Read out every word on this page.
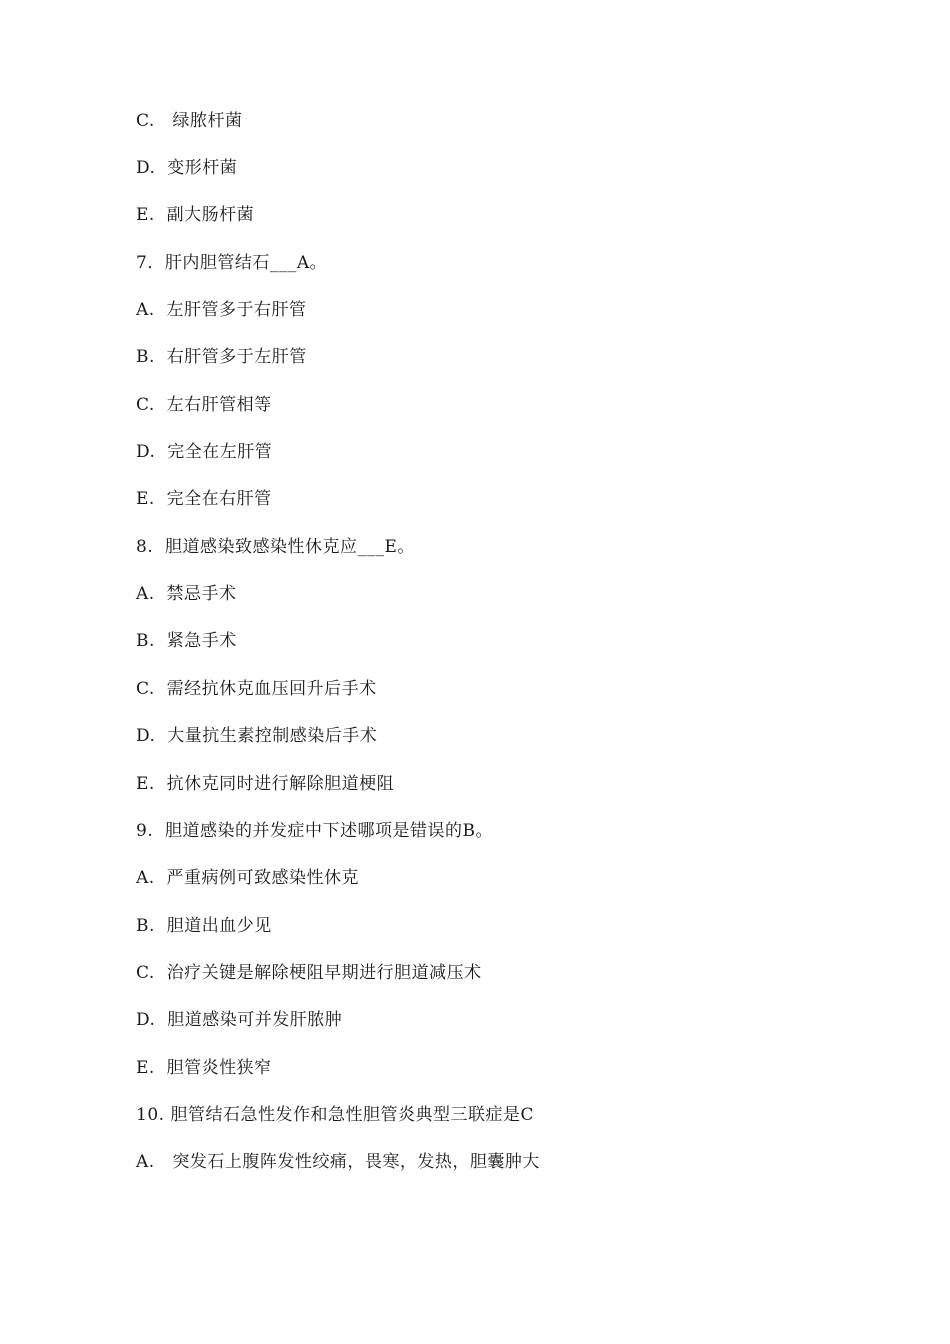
C.   绿脓杆菌
D.  变形杆菌
E.  副大肠杆菌
7．肝内胆管结石___A。
A.  左肝管多于右肝管
B.  右肝管多于左肝管
C.  左右肝管相等
D.  完全在左肝管
E.  完全在右肝管
8.  胆道感染致感染性休克应___E。
A.  禁忌手术
B.  紧急手术
C.  需经抗休克血压回升后手术
D.  大量抗生素控制感染后手术
E.  抗休克同时进行解除胆道梗阻
9.  胆道感染的并发症中下述哪项是错误的B。
A.  严重病例可致感染性休克
B.  胆道出血少见
C.  治疗关键是解除梗阻早期进行胆道减压术
D.  胆道感染可并发肝脓肿
E.  胆管炎性狭窄
10. 胆管结石急性发作和急性胆管炎典型三联症是C
A.   突发石上腹阵发性绞痛，畏寒，发热，胆囊肿大
